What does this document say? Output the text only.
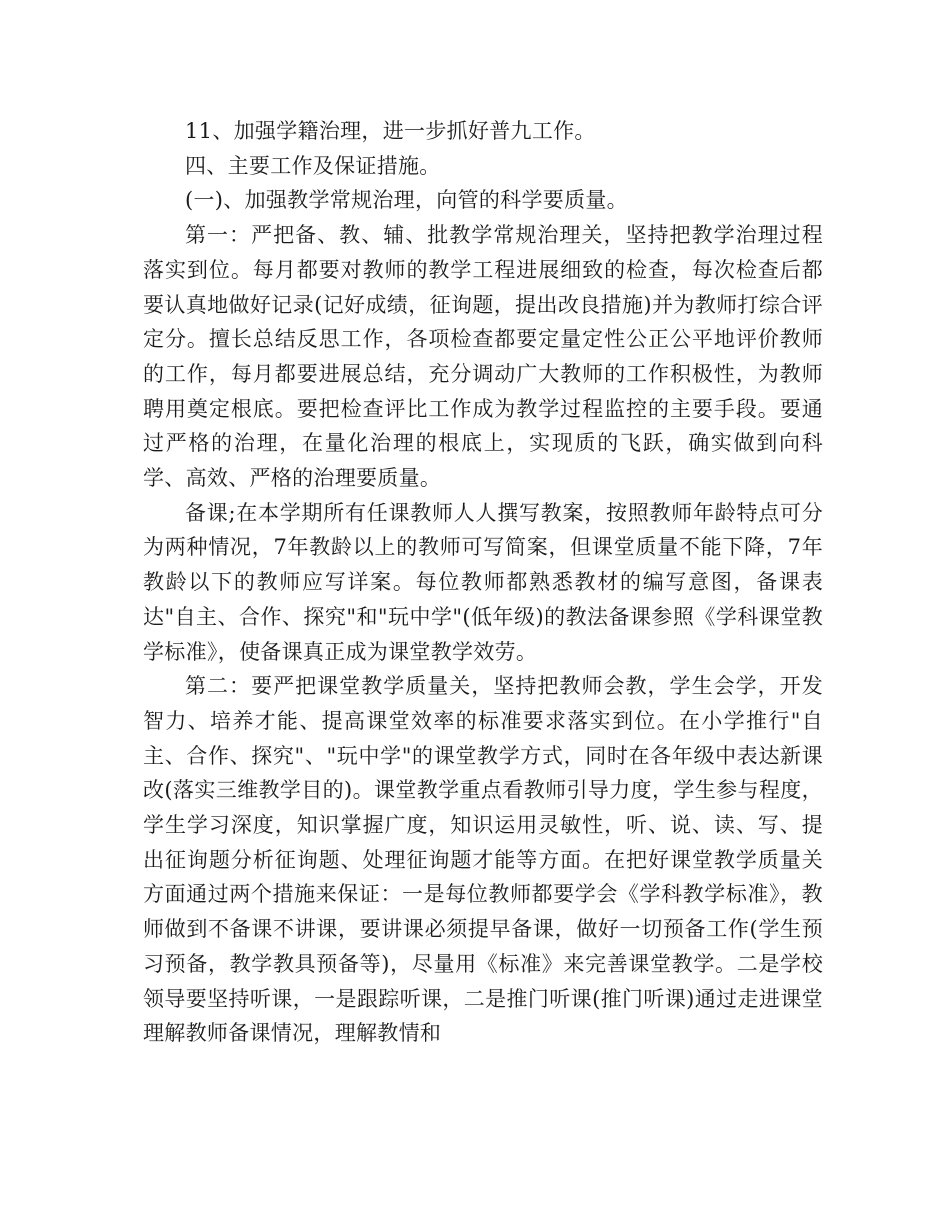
11、加强学籍治理，进一步抓好普九工作。

四、主要工作及保证措施。

(一)、加强教学常规治理，向管的科学要质量。

第一：严把备、教、辅、批教学常规治理关，坚持把教学治理过程落实到位。每月都要对教师的教学工程进展细致的检查，每次检查后都要认真地做好记录(记好成绩，征询题，提出改良措施)并为教师打综合评定分。擅长总结反思工作，各项检查都要定量定性公正公平地评价教师的工作，每月都要进展总结，充分调动广大教师的工作积极性，为教师聘用奠定根底。要把检查评比工作成为教学过程监控的主要手段。要通过严格的治理，在量化治理的根底上，实现质的飞跃，确实做到向科学、高效、严格的治理要质量。

备课;在本学期所有任课教师人人撰写教案，按照教师年龄特点可分为两种情况，7年教龄以上的教师可写简案，但课堂质量不能下降，7年教龄以下的教师应写详案。每位教师都熟悉教材的编写意图，备课表达"自主、合作、探究"和"玩中学"(低年级)的教法备课参照《学科课堂教学标准》，使备课真正成为课堂教学效劳。

第二：要严把课堂教学质量关，坚持把教师会教，学生会学，开发智力、培养才能、提高课堂效率的标准要求落实到位。在小学推行"自主、合作、探究"、"玩中学"的课堂教学方式，同时在各年级中表达新课改(落实三维教学目的)。课堂教学重点看教师引导力度，学生参与程度，学生学习深度，知识掌握广度，知识运用灵敏性，听、说、读、写、提出征询题分析征询题、处理征询题才能等方面。在把好课堂教学质量关方面通过两个措施来保证：一是每位教师都要学会《学科教学标准》，教师做到不备课不讲课，要讲课必须提早备课，做好一切预备工作(学生预习预备，教学教具预备等)，尽量用《标准》来完善课堂教学。二是学校领导要坚持听课，一是跟踪听课，二是推门听课(推门听课)通过走进课堂理解教师备课情况，理解教情和
